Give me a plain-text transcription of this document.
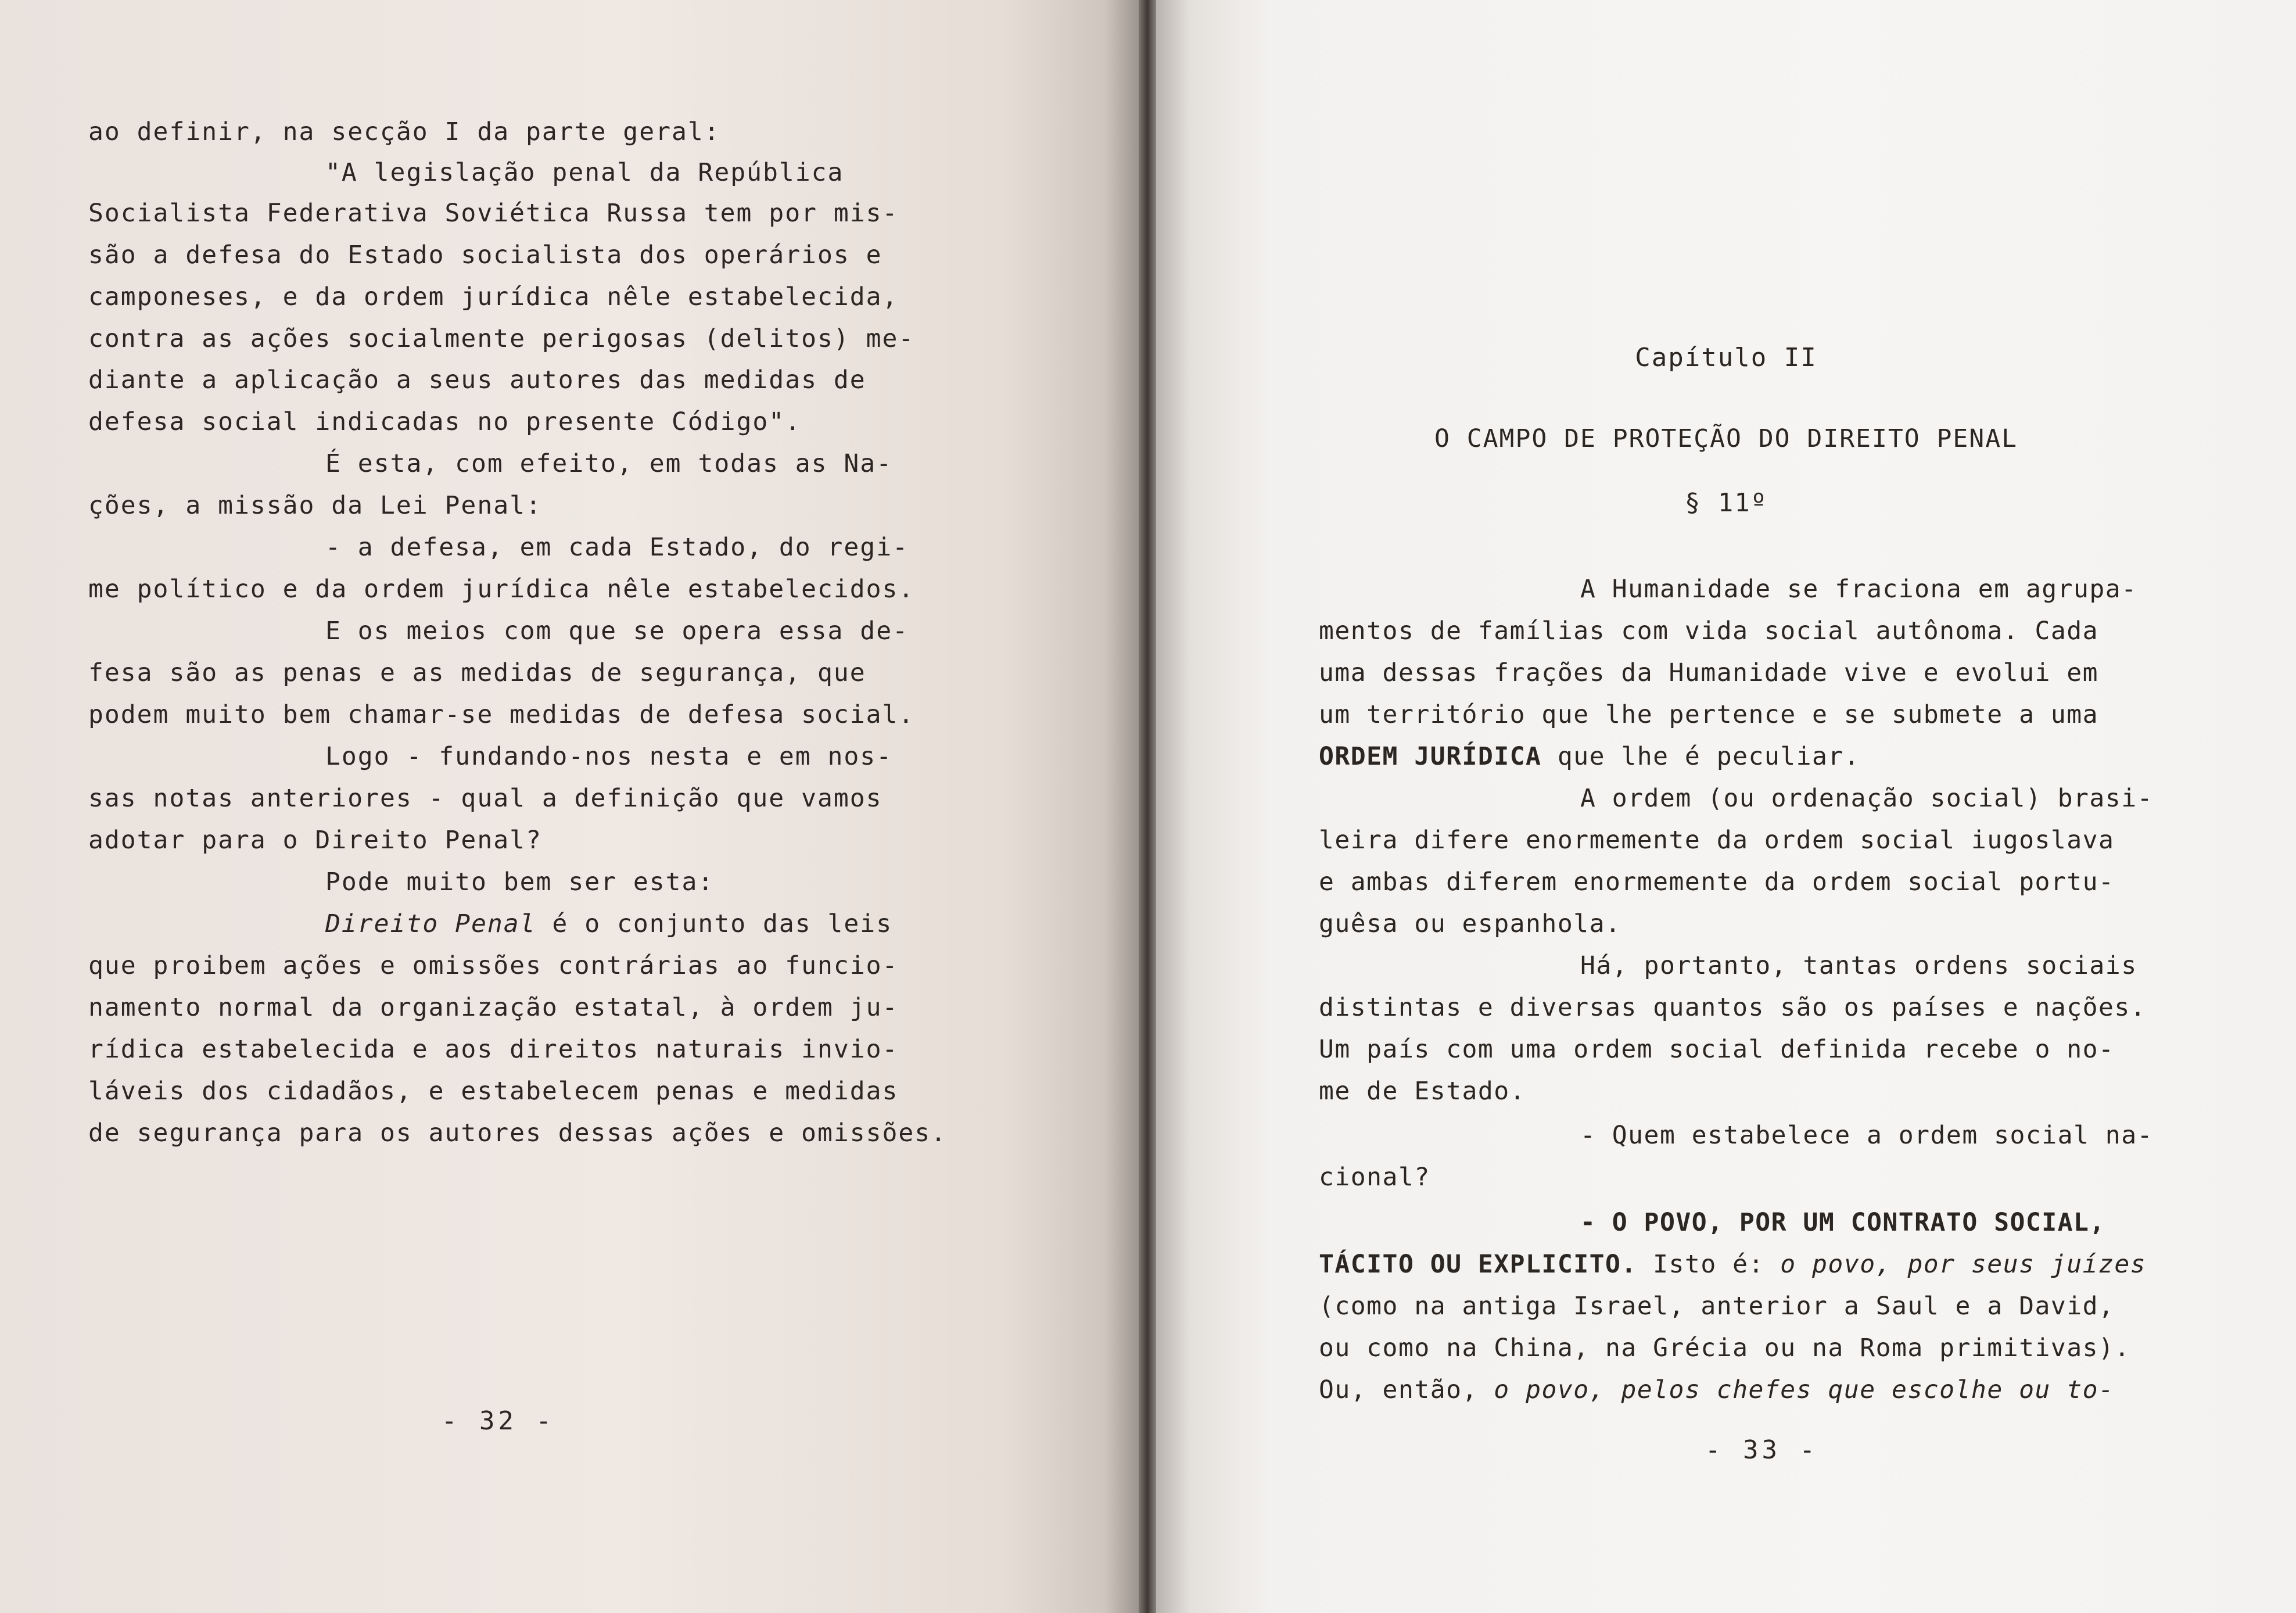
ao definir, na secção I da parte geral:
"A legislação penal da República
Socialista Federativa Soviética Russa tem por mis-
são a defesa do Estado socialista dos operários e
camponeses, e da ordem jurídica nêle estabelecida,
contra as ações socialmente perigosas (delitos) me-
diante a aplicação a seus autores das medidas de
defesa social indicadas no presente Código".
É esta, com efeito, em todas as Na-
ções, a missão da Lei Penal:
- a defesa, em cada Estado, do regi-
me político e da ordem jurídica nêle estabelecidos.
E os meios com que se opera essa de-
fesa são as penas e as medidas de segurança, que
podem muito bem chamar-se medidas de defesa social.
Logo - fundando-nos nesta e em nos-
sas notas anteriores - qual a definição que vamos
adotar para o Direito Penal?
Pode muito bem ser esta:
Direito Penal é o conjunto das leis
que proibem ações e omissões contrárias ao funcio-
namento normal da organização estatal, à ordem ju-
rídica estabelecida e aos direitos naturais invio-
láveis dos cidadãos, e estabelecem penas e medidas
de segurança para os autores dessas ações e omissões.
- 32 -
Capítulo II
O CAMPO DE PROTEÇÃO DO DIREITO PENAL
§ 11º
A Humanidade se fraciona em agrupa-
mentos de famílias com vida social autônoma. Cada
uma dessas frações da Humanidade vive e evolui em
um território que lhe pertence e se submete a uma
ORDEM JURÍDICA que lhe é peculiar.
A ordem (ou ordenação social) brasi-
leira difere enormemente da ordem social iugoslava
e ambas diferem enormemente da ordem social portu-
guêsa ou espanhola.
Há, portanto, tantas ordens sociais
distintas e diversas quantos são os países e nações.
Um país com uma ordem social definida recebe o no-
me de Estado.
- Quem estabelece a ordem social na-
cional?
- O POVO, POR UM CONTRATO SOCIAL,
TÁCITO OU EXPLICITO. Isto é: o povo, por seus juízes
(como na antiga Israel, anterior a Saul e a David,
ou como na China, na Grécia ou na Roma primitivas).
Ou, então, o povo, pelos chefes que escolhe ou to-
- 33 -
